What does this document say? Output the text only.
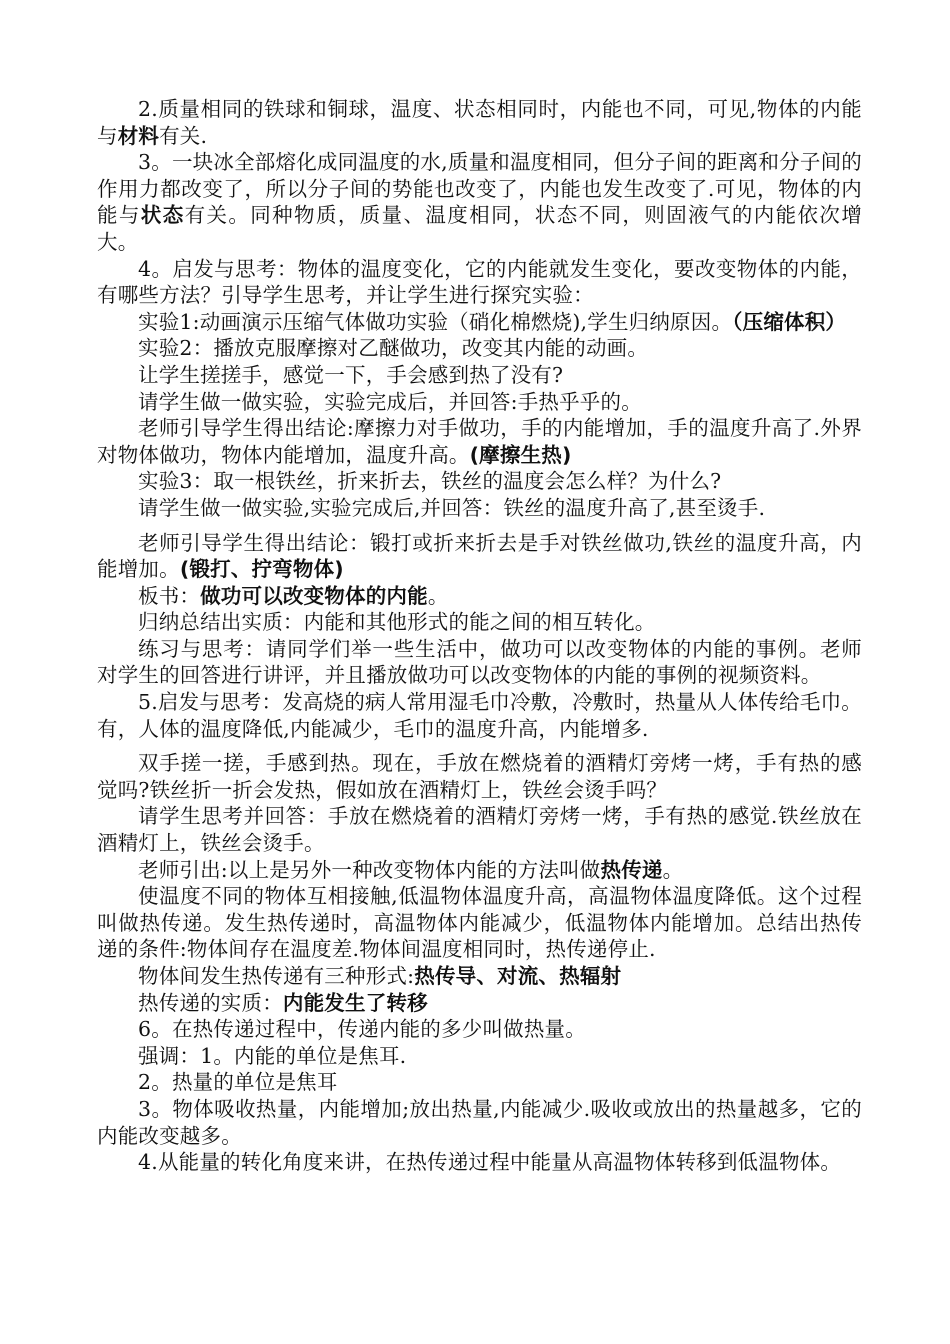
2.质量相同的铁球和铜球，温度、状态相同时，内能也不同，可见,物体的内能与材料有关.

3。一块冰全部熔化成同温度的水,质量和温度相同，但分子间的距离和分子间的作用力都改变了，所以分子间的势能也改变了，内能也发生改变了.可见，物体的内能与状态有关。同种物质，质量、温度相同，状态不同，则固液气的内能依次增大。

4。启发与思考：物体的温度变化，它的内能就发生变化，要改变物体的内能，有哪些方法？引导学生思考，并让学生进行探究实验：

实验1:动画演示压缩气体做功实验（硝化棉燃烧),学生归纳原因。（压缩体积）

实验2：播放克服摩擦对乙醚做功，改变其内能的动画。

让学生搓搓手，感觉一下，手会感到热了没有?

请学生做一做实验，实验完成后，并回答:手热乎乎的。

老师引导学生得出结论:摩擦力对手做功，手的内能增加，手的温度升高了.外界对物体做功，物体内能增加，温度升高。(摩擦生热)

实验3：取一根铁丝，折来折去，铁丝的温度会怎么样？为什么?

请学生做一做实验,实验完成后,并回答：铁丝的温度升高了,甚至烫手.

老师引导学生得出结论：锻打或折来折去是手对铁丝做功,铁丝的温度升高，内能增加。(锻打、拧弯物体)

板书：做功可以改变物体的内能。

归纳总结出实质：内能和其他形式的能之间的相互转化。

练习与思考：请同学们举一些生活中，做功可以改变物体的内能的事例。老师对学生的回答进行讲评，并且播放做功可以改变物体的内能的事例的视频资料。

5.启发与思考：发高烧的病人常用湿毛巾冷敷，冷敷时，热量从人体传给毛巾。有，人体的温度降低,内能减少，毛巾的温度升高，内能增多.

双手搓一搓，手感到热。现在，手放在燃烧着的酒精灯旁烤一烤，手有热的感觉吗?铁丝折一折会发热，假如放在酒精灯上，铁丝会烫手吗？

请学生思考并回答：手放在燃烧着的酒精灯旁烤一烤，手有热的感觉.铁丝放在酒精灯上，铁丝会烫手。

老师引出:以上是另外一种改变物体内能的方法叫做热传递。

使温度不同的物体互相接触,低温物体温度升高，高温物体温度降低。这个过程叫做热传递。发生热传递时，高温物体内能减少，低温物体内能增加。总结出热传递的条件:物体间存在温度差.物体间温度相同时，热传递停止.

物体间发生热传递有三种形式:热传导、对流、热辐射

热传递的实质：内能发生了转移

6。在热传递过程中，传递内能的多少叫做热量。

强调：1。内能的单位是焦耳.

2。热量的单位是焦耳

3。物体吸收热量，内能增加;放出热量,内能减少.吸收或放出的热量越多，它的内能改变越多。

4.从能量的转化角度来讲，在热传递过程中能量从高温物体转移到低温物体。
